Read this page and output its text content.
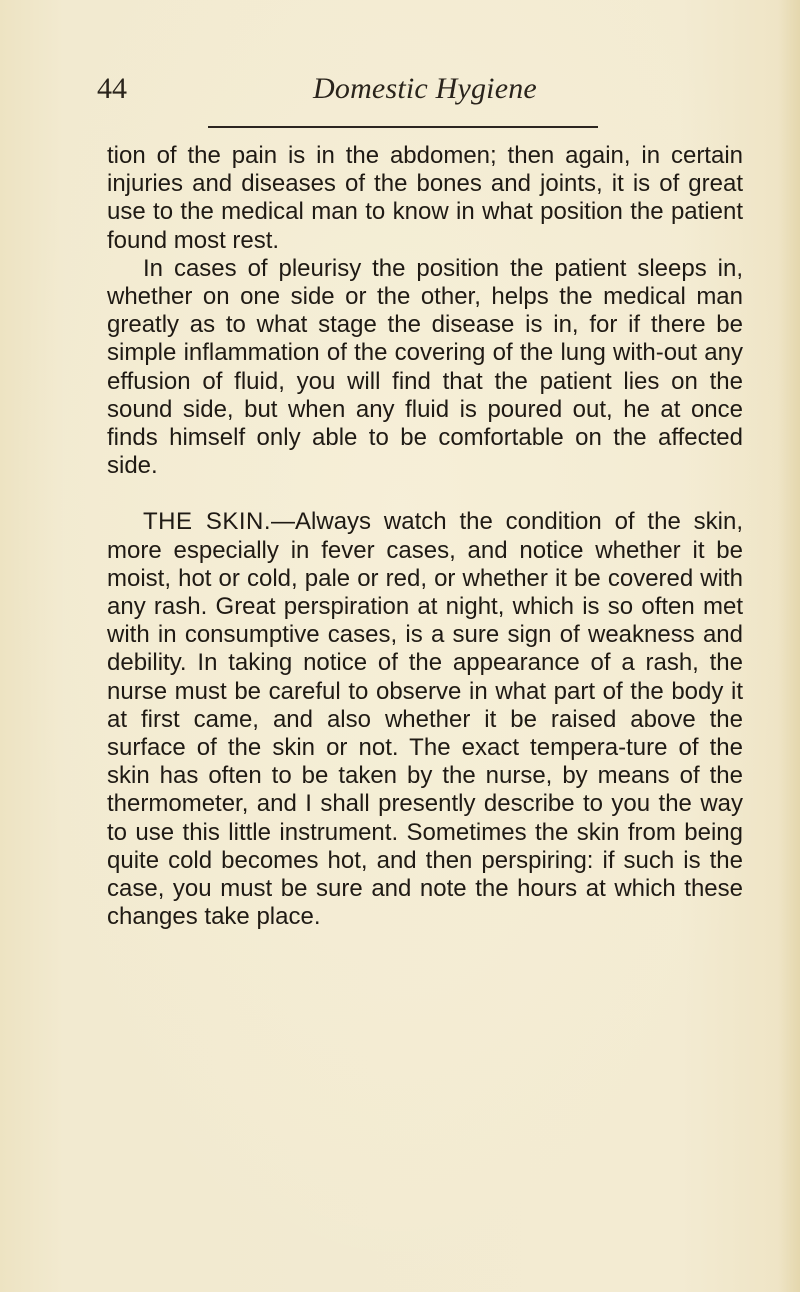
44	Domestic Hygiene

tion of the pain is in the abdomen; then again, in certain injuries and diseases of the bones and joints, it is of great use to the medical man to know in what position the patient found most rest.

In cases of pleurisy the position the patient sleeps in, whether on one side or the other, helps the medical man greatly as to what stage the disease is in, for if there be simple inflammation of the covering of the lung with-out any effusion of fluid, you will find that the patient lies on the sound side, but when any fluid is poured out, he at once finds himself only able to be comfortable on the affected side.

THE SKIN.—Always watch the condition of the skin, more especially in fever cases, and notice whether it be moist, hot or cold, pale or red, or whether it be covered with any rash. Great perspiration at night, which is so often met with in consumptive cases, is a sure sign of weakness and debility. In taking notice of the appearance of a rash, the nurse must be careful to observe in what part of the body it at first came, and also whether it be raised above the surface of the skin or not. The exact tempera-ture of the skin has often to be taken by the nurse, by means of the thermometer, and I shall presently describe to you the way to use this little instrument. Sometimes the skin from being quite cold becomes hot, and then perspiring: if such is the case, you must be sure and note the hours at which these changes take place.
